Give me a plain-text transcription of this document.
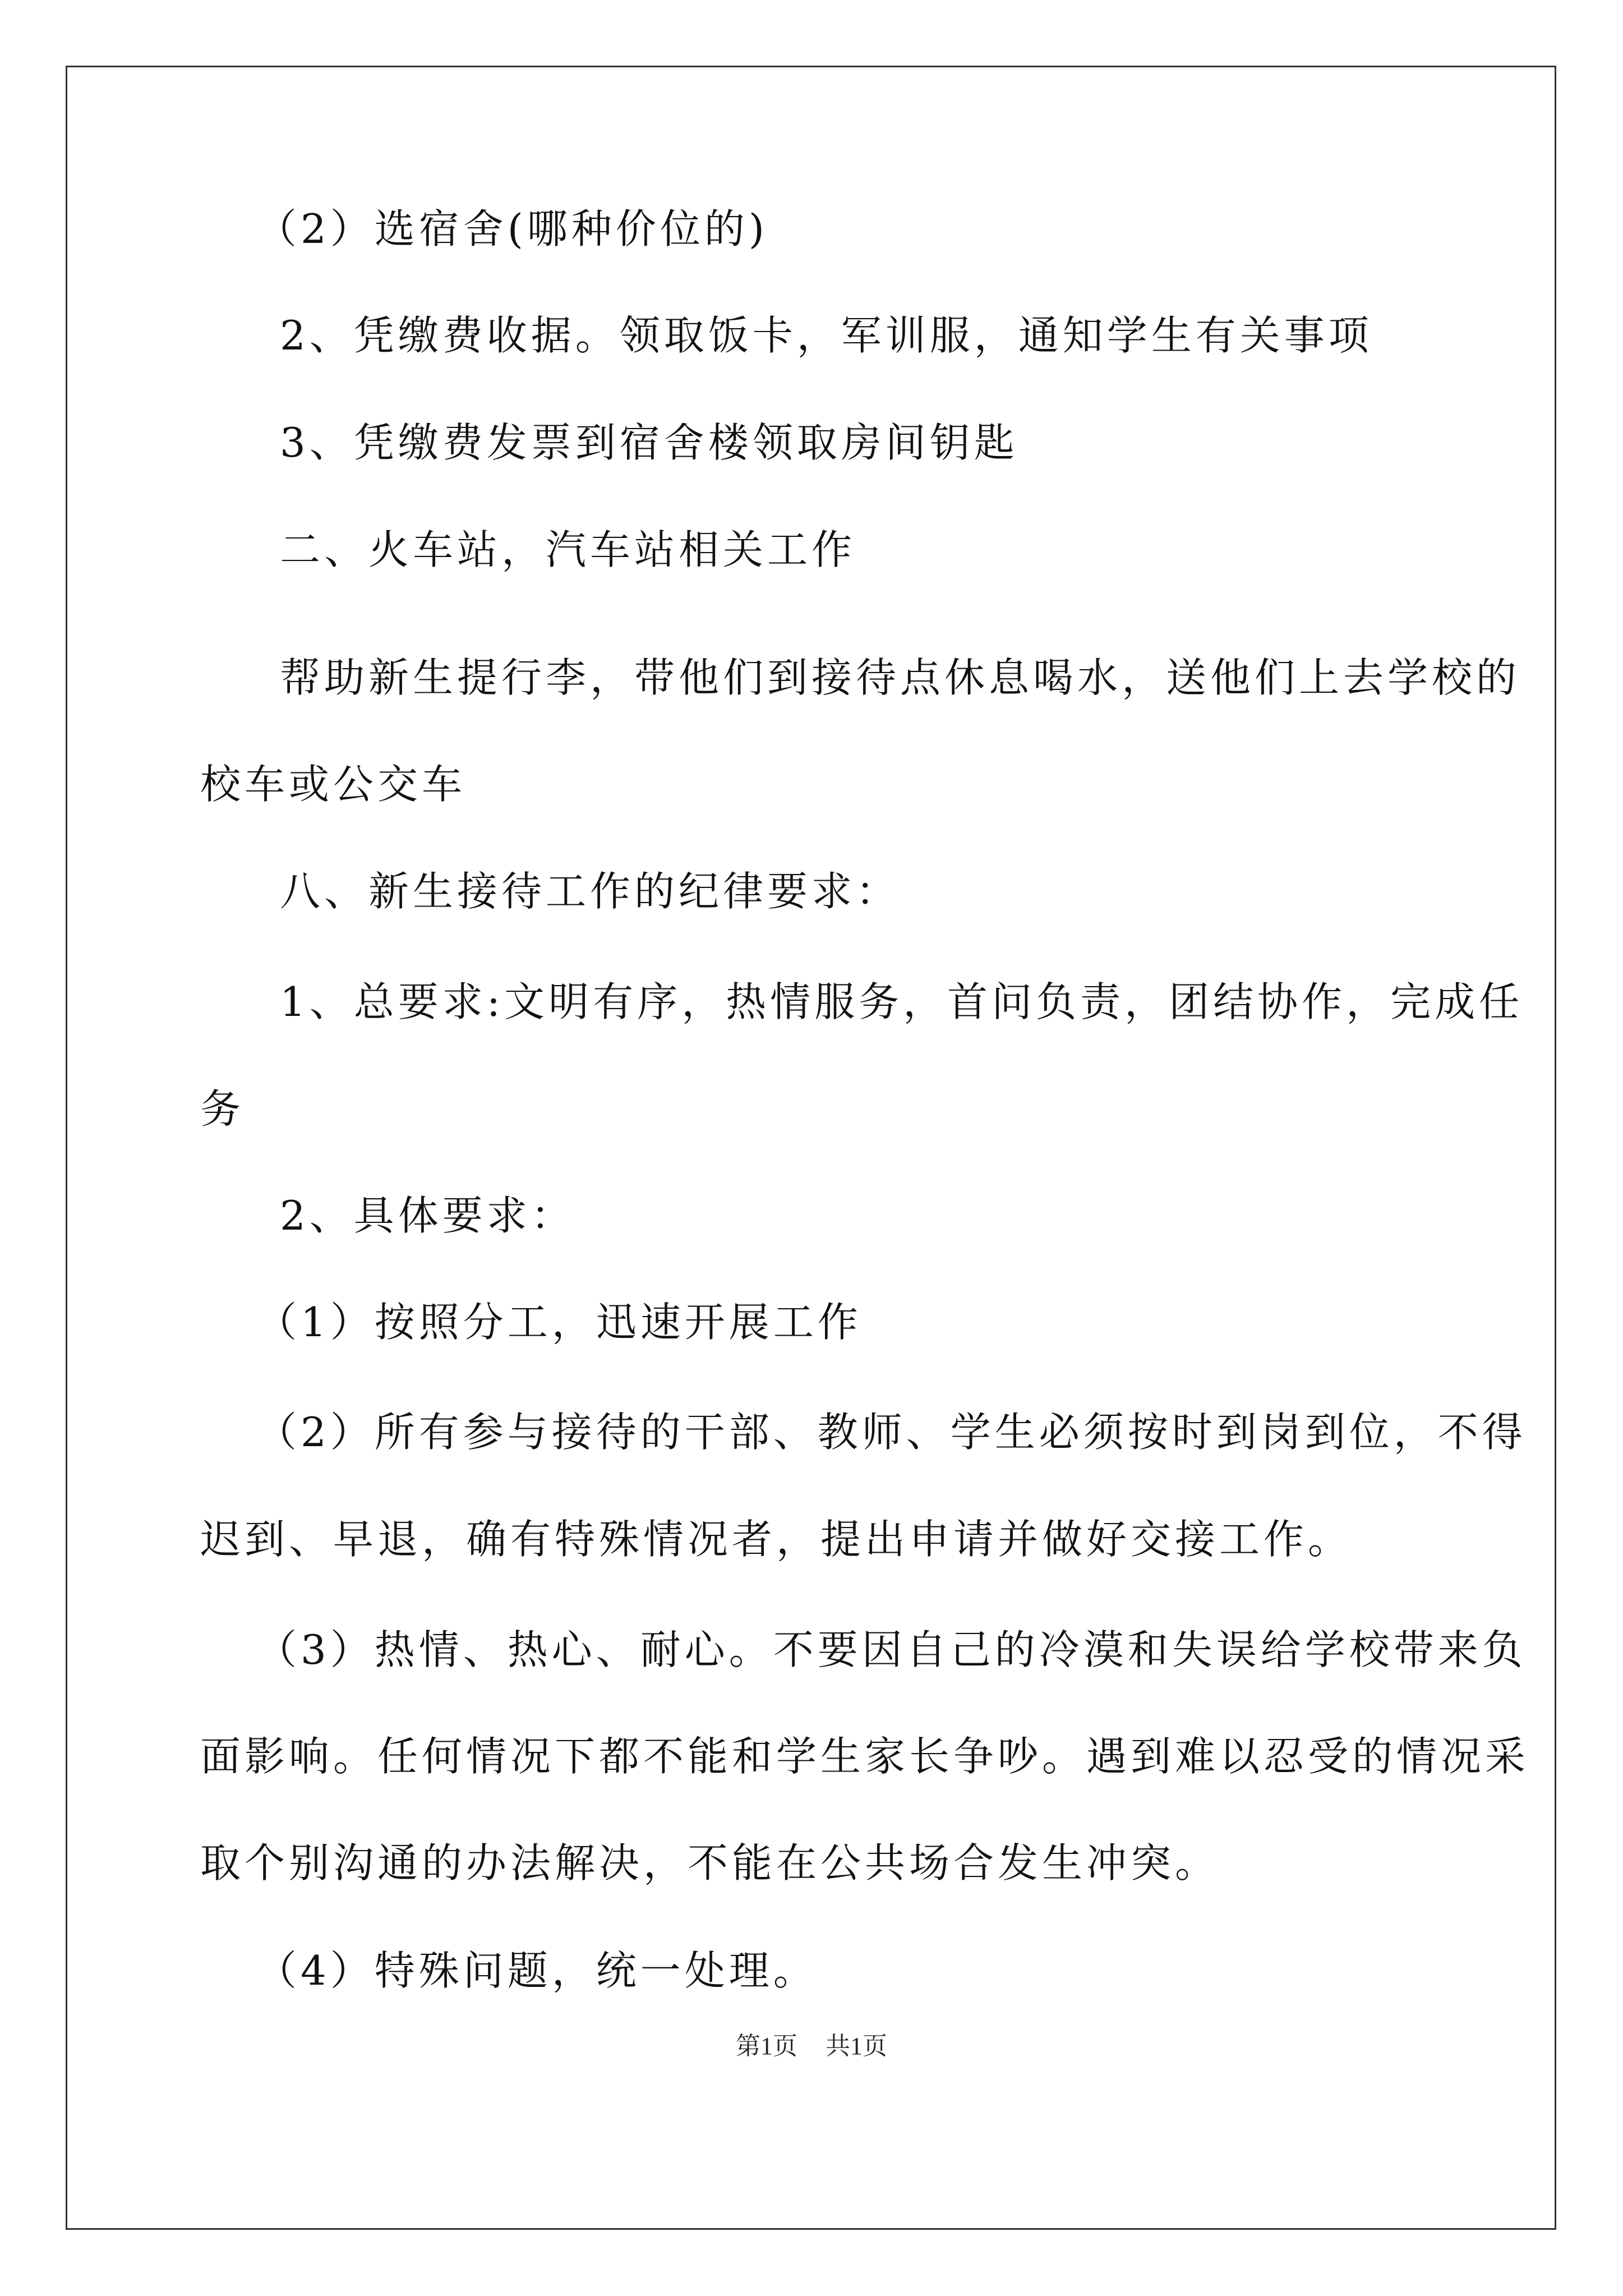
（2）选宿舍(哪种价位的)
2、凭缴费收据。领取饭卡，军训服，通知学生有关事项
3、凭缴费发票到宿舍楼领取房间钥匙
二、火车站，汽车站相关工作
帮助新生提行李，带他们到接待点休息喝水，送他们上去学校的
校车或公交车
八、新生接待工作的纪律要求：
1、总要求:文明有序，热情服务，首问负责，团结协作，完成任
务
2、具体要求：
（1）按照分工，迅速开展工作
（2）所有参与接待的干部、教师、学生必须按时到岗到位，不得
迟到、早退，确有特殊情况者，提出申请并做好交接工作。
（3）热情、热心、耐心。不要因自己的冷漠和失误给学校带来负
面影响。任何情况下都不能和学生家长争吵。遇到难以忍受的情况采
取个别沟通的办法解决，不能在公共场合发生冲突。
（4）特殊问题，统一处理。
第1页 共1页
